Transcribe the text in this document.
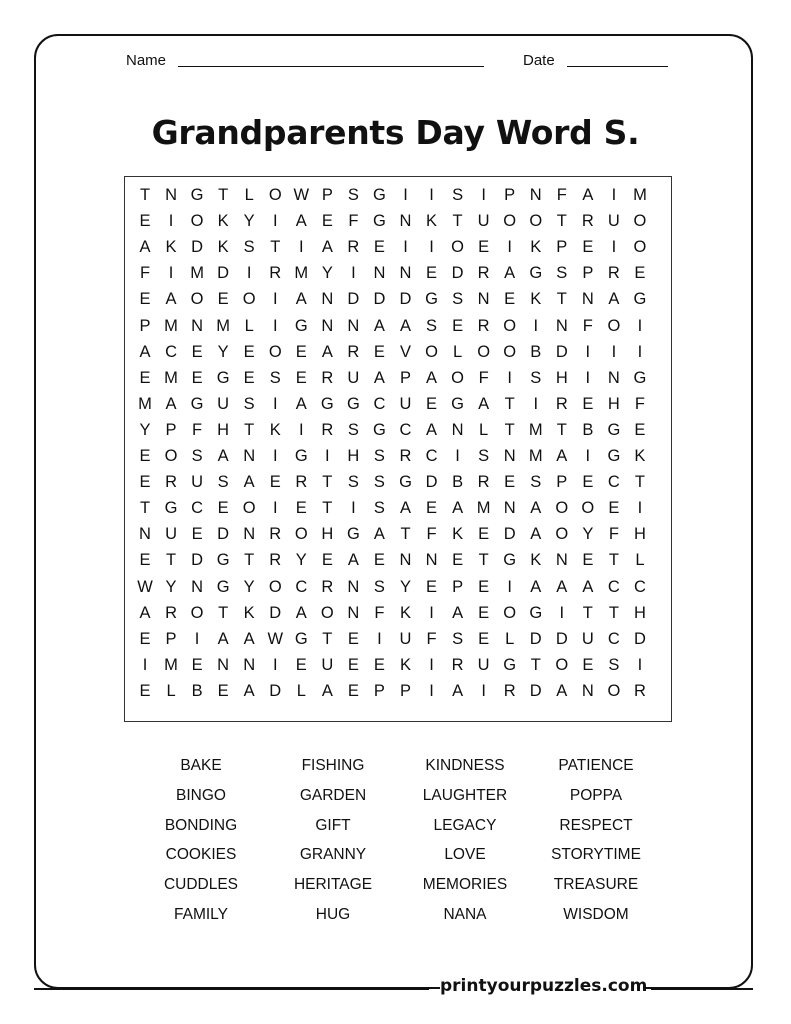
Name	Date
Grandparents Day Word S.
T N G T L O W P S G	I	I	S	I	P N F A	I	M
E	I	O K Y	I	A E F G N K T U O O T R U O
A K D K S T	I	A R E	I	I	O E	I	K P E	I	O
F	I	M D	I	R M Y	I	N N E D R A G S P R E
E A O E O	I	A N D D D G S N E K T N A G
P M N M L	I	G N N A A S E R O	I	N F O	I
A C E Y E O E A R E V O L O O B D	I	I	I
E M E G E S E R U A P A O F	I	S H	I	N G
M A G U S	I	A G G C U E G A T	I	R E H F
Y P F H T K	I	R S G C A N L T M T B G E
E O S A N	I	G	I	H S R C	I	S N M A	I	G K
E R U S A E R T S S G D B R E S P E C T
T G C E O	I	E T	I	S A E A M N A O O E	I
N U E D N R O H G A T F K E D A O Y F H
E T D G T R Y E A E N N E T G K N E T L
W Y N G Y O C R N S Y E P E	I	A A A C C
A R O T K D A O N F K	I	A E O G	I	T T H
E P	I	A A W G T E	I	U F S E L D D U C D
I	M E N N	I	E U E E K	I	R U G T O E S	I
E L B E A D L A E P P	I	A	I	R D A N O R
BAKE	FISHING	KINDNESS	PATIENCE
BINGO	GARDEN	LAUGHTER	POPPA
BONDING	GIFT	LEGACY	RESPECT
COOKIES	GRANNY	LOVE	STORYTIME
CUDDLES	HERITAGE	MEMORIES	TREASURE
FAMILY	HUG	NANA	WISDOM
printyourpuzzles.com
